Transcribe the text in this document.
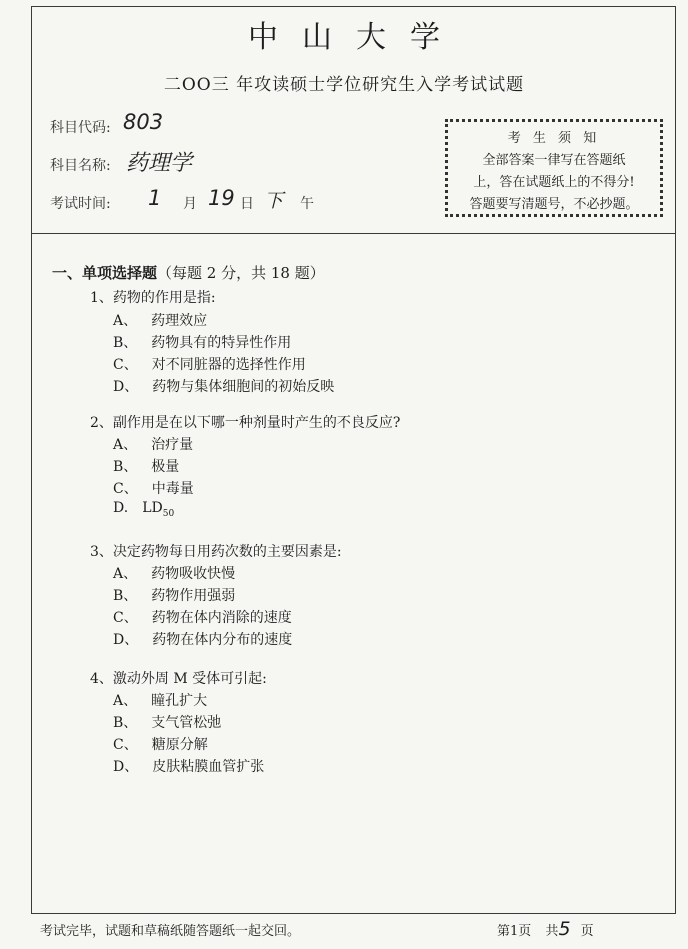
中山大学
二OO三 年攻读硕士学位研究生入学考试试题
科目代码: 803
科目名称: 药理学
考试时间: 1 月 19 日 下 午
考 生 须 知
全部答案一律写在答题纸
上，答在试题纸上的不得分!
答题要写清题号，不必抄题。
一、单项选择题（每题 2 分，共 18 题）
1、药物的作用是指:
A、 药理效应
B、 药物具有的特异性作用
C、 对不同脏器的选择性作用
D、 药物与集体细胞间的初始反映
2、副作用是在以下哪一种剂量时产生的不良反应?
A、 治疗量
B、 极量
C、 中毒量
D. $LD_{50}$
3、决定药物每日用药次数的主要因素是:
A、 药物吸收快慢
B、 药物作用强弱
C、 药物在体内消除的速度
D、 药物在体内分布的速度
4、激动外周 M 受体可引起:
A、 瞳孔扩大
B、 支气管松弛
C、 糖原分解
D、 皮肤粘膜血管扩张
考试完毕，试题和草稿纸随答题纸一起交回。	第1页 共5 页
